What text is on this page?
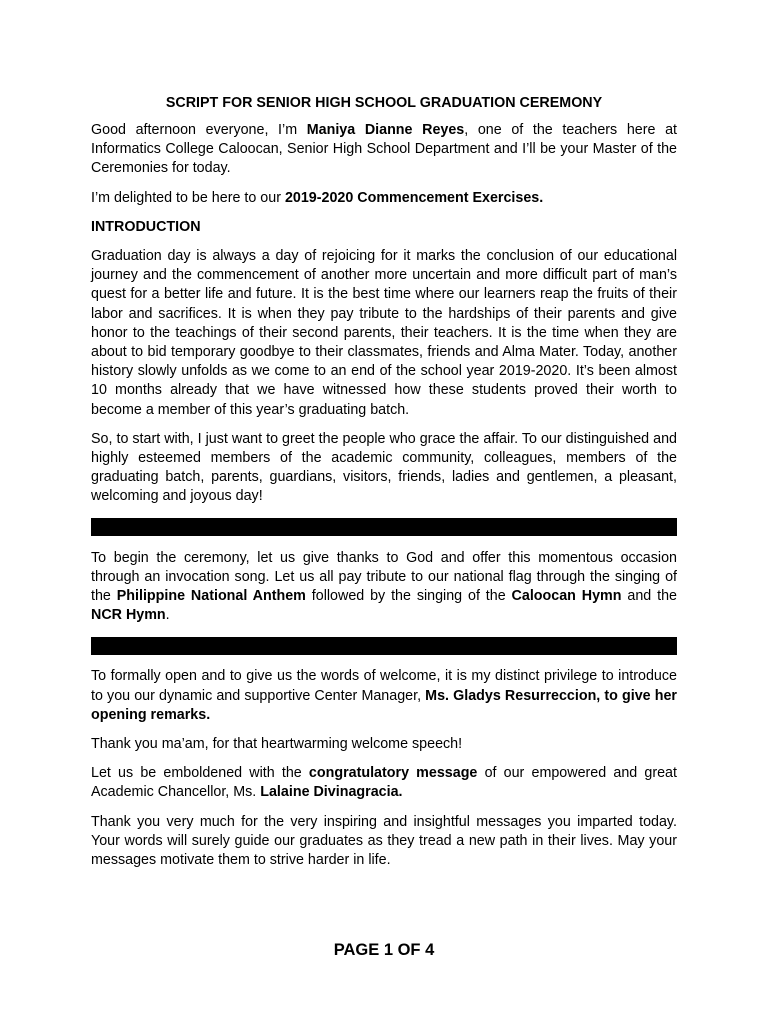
SCRIPT FOR SENIOR HIGH SCHOOL GRADUATION CEREMONY

Good afternoon everyone, I’m Maniya Dianne Reyes, one of the teachers here at Informatics College Caloocan, Senior High School Department and I’ll be your Master of the Ceremonies for today.

I’m delighted to be here to our 2019-2020 Commencement Exercises.

INTRODUCTION

Graduation day is always a day of rejoicing for it marks the conclusion of our educational journey and the commencement of another more uncertain and more difficult part of man’s quest for a better life and future. It is the best time where our learners reap the fruits of their labor and sacrifices. It is when they pay tribute to the hardships of their parents and give honor to the teachings of their second parents, their teachers. It is the time when they are about to bid temporary goodbye to their classmates, friends and Alma Mater. Today, another history slowly unfolds as we come to an end of the school year 2019-2020. It’s been almost 10 months already that we have witnessed how these students proved their worth to become a member of this year’s graduating batch.

So, to start with, I just want to greet the people who grace the affair. To our distinguished and highly esteemed members of the academic community, colleagues, members of the graduating batch, parents, guardians, visitors, friends, ladies and gentlemen, a pleasant, welcoming and joyous day!

To begin the ceremony, let us give thanks to God and offer this momentous occasion through an invocation song. Let us all pay tribute to our national flag through the singing of the Philippine National Anthem followed by the singing of the Caloocan Hymn and the NCR Hymn.

To formally open and to give us the words of welcome, it is my distinct privilege to introduce to you our dynamic and supportive Center Manager, Ms. Gladys Resurreccion, to give her opening remarks.

Thank you ma’am, for that heartwarming welcome speech!

Let us be emboldened with the congratulatory message of our empowered and great Academic Chancellor, Ms. Lalaine Divinagracia.

Thank you very much for the very inspiring and insightful messages you imparted today. Your words will surely guide our graduates as they tread a new path in their lives. May your messages motivate them to strive harder in life.

PAGE 1 OF 4
